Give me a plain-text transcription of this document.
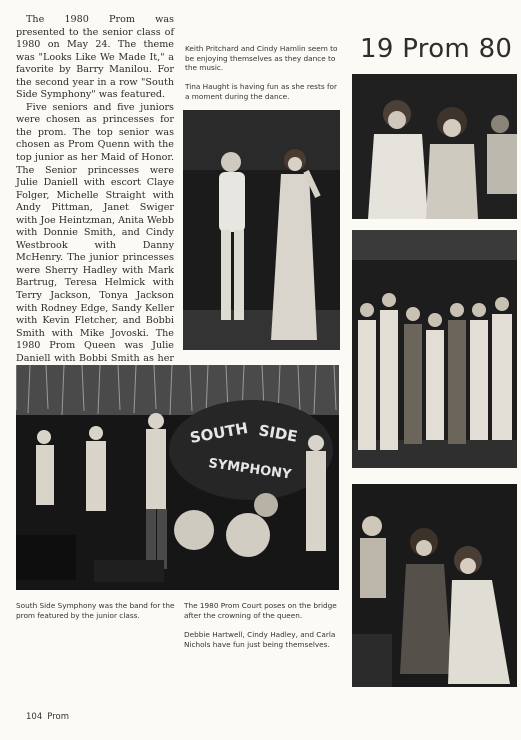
The 1980 Prom was presented to the senior class of 1980 on May 24. The theme was "Looks Like We Made It," a favorite by Barry Manilou. For the second year in a row "South Side Symphony" was featured.

Five seniors and five juniors were chosen as princesses for the prom. The top senior was chosen as Prom Quenn with the top junior as her Maid of Honor. The Senior princesses were Julie Daniell with escort Claye Folger, Michelle Straight with Andy Pittman, Janet Swiger with Joe Heintzman, Anita Webb with Donnie Smith, and Cindy Westbrook with Danny McHenry. The junior princesses were Sherry Hadley with Mark Bartrug, Teresa Helmick with Terry Jackson, Tonya Jackson with Rodney Edge, Sandy Keller with Kevin Fletcher, and Bobbi Smith with Mike Jovoski. The 1980 Prom Queen was Julie Daniell with Bobbi Smith as her

19 Prom 80

Keith Pritchard and Cindy Hamlin seem to be enjoying themselves as they dance to the music.

Tina Haught is having fun as she rests for a moment during the dance.

SOUTH SIDE
SYMPHONY

South Side Symphony was the band for the prom featured by the junior class.

The 1980 Prom Court poses on the bridge after the crowning of the queen.

Debbie Hartwell, Cindy Hadley, and Carla Nichols have fun just being themselves.

104 Prom
